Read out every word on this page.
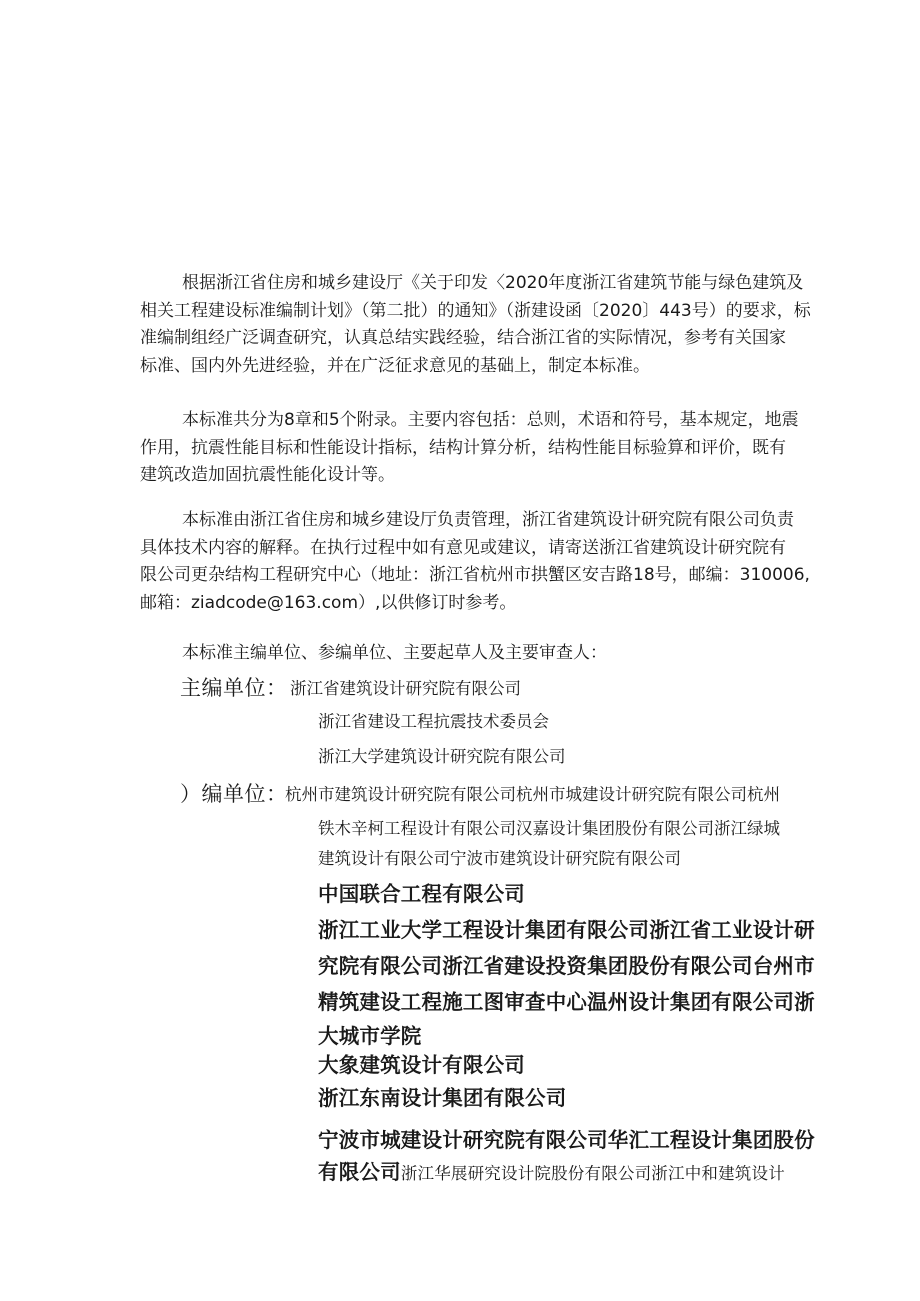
根据浙江省住房和城乡建设厅《关于印发〈2020年度浙江省建筑节能与绿色建筑及
相关工程建设标准编制计划》（第二批）的通知》（浙建设函〔2020〕443号）的要求，标
准编制组经广泛调查研究，认真总结实践经验，结合浙江省的实际情况，参考有关国家
标准、国内外先进经验，并在广泛征求意见的基础上，制定本标准。
本标准共分为8章和5个附录。主要内容包括：总则，术语和符号，基本规定，地震
作用，抗震性能目标和性能设计指标，结构计算分析，结构性能目标验算和评价，既有
建筑改造加固抗震性能化设计等。
本标准由浙江省住房和城乡建设厅负责管理，浙江省建筑设计研究院有限公司负责
具体技术内容的解释。在执行过程中如有意见或建议，请寄送浙江省建筑设计研究院有
限公司更杂结构工程研究中心（地址：浙江省杭州市拱蟹区安吉路18号，邮编：310006,
邮箱：ziadcode@163.com）,以供修订时参考。
本标准主编单位、参编单位、主要起草人及主要审查人：
主编单位： 浙江省建筑设计研究院有限公司
浙江省建设工程抗震技术委员会
浙江大学建筑设计研究院有限公司
）编单位：
杭州市建筑设计研究院有限公司杭州市城建设计研究院有限公司杭州
铁木辛柯工程设计有限公司汉嘉设计集团股份有限公司浙江绿城
建筑设计有限公司宁波市建筑设计研究院有限公司
中国联合工程有限公司
浙江工业大学工程设计集团有限公司浙江省工业设计研
究院有限公司浙江省建设投资集团股份有限公司台州市
精筑建设工程施工图审查中心温州设计集团有限公司浙
大城市学院
大象建筑设计有限公司
浙江东南设计集团有限公司
宁波市城建设计研究院有限公司华汇工程设计集团股份
有限公司浙江华展研究设计院股份有限公司浙江中和建筑设计
